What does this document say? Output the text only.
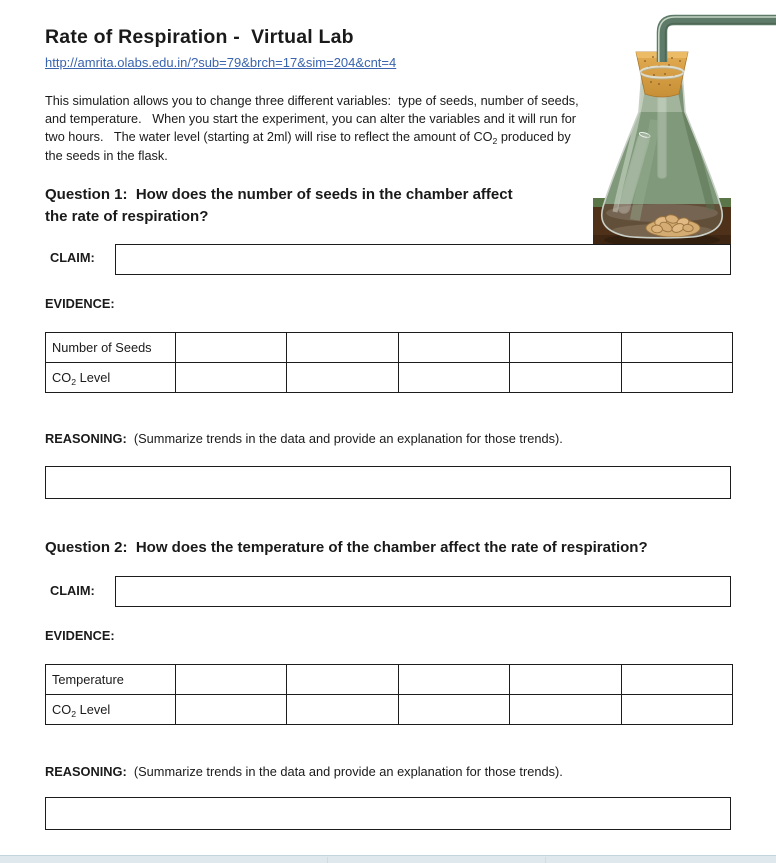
Rate of Respiration -  Virtual Lab
http://amrita.olabs.edu.in/?sub=79&brch=17&sim=204&cnt=4

This simulation allows you to change three different variables:  type of seeds, number of seeds, and temperature.   When you start the experiment, you can alter the variables and it will run for two hours.   The water level (starting at 2ml) will rise to reflect the amount of $CO_2$ produced by the seeds in the flask.

Question 1:  How does the number of seeds in the chamber affect
the rate of respiration?
CLAIM:
EVIDENCE:
Number of Seeds					
$CO_2$ Level					
REASONING:  (Summarize trends in the data and provide an explanation for those trends).
Question 2:  How does the temperature of the chamber affect the rate of respiration?
CLAIM:
EVIDENCE:
Temperature					
$CO_2$ Level					
REASONING:  (Summarize trends in the data and provide an explanation for those trends).
